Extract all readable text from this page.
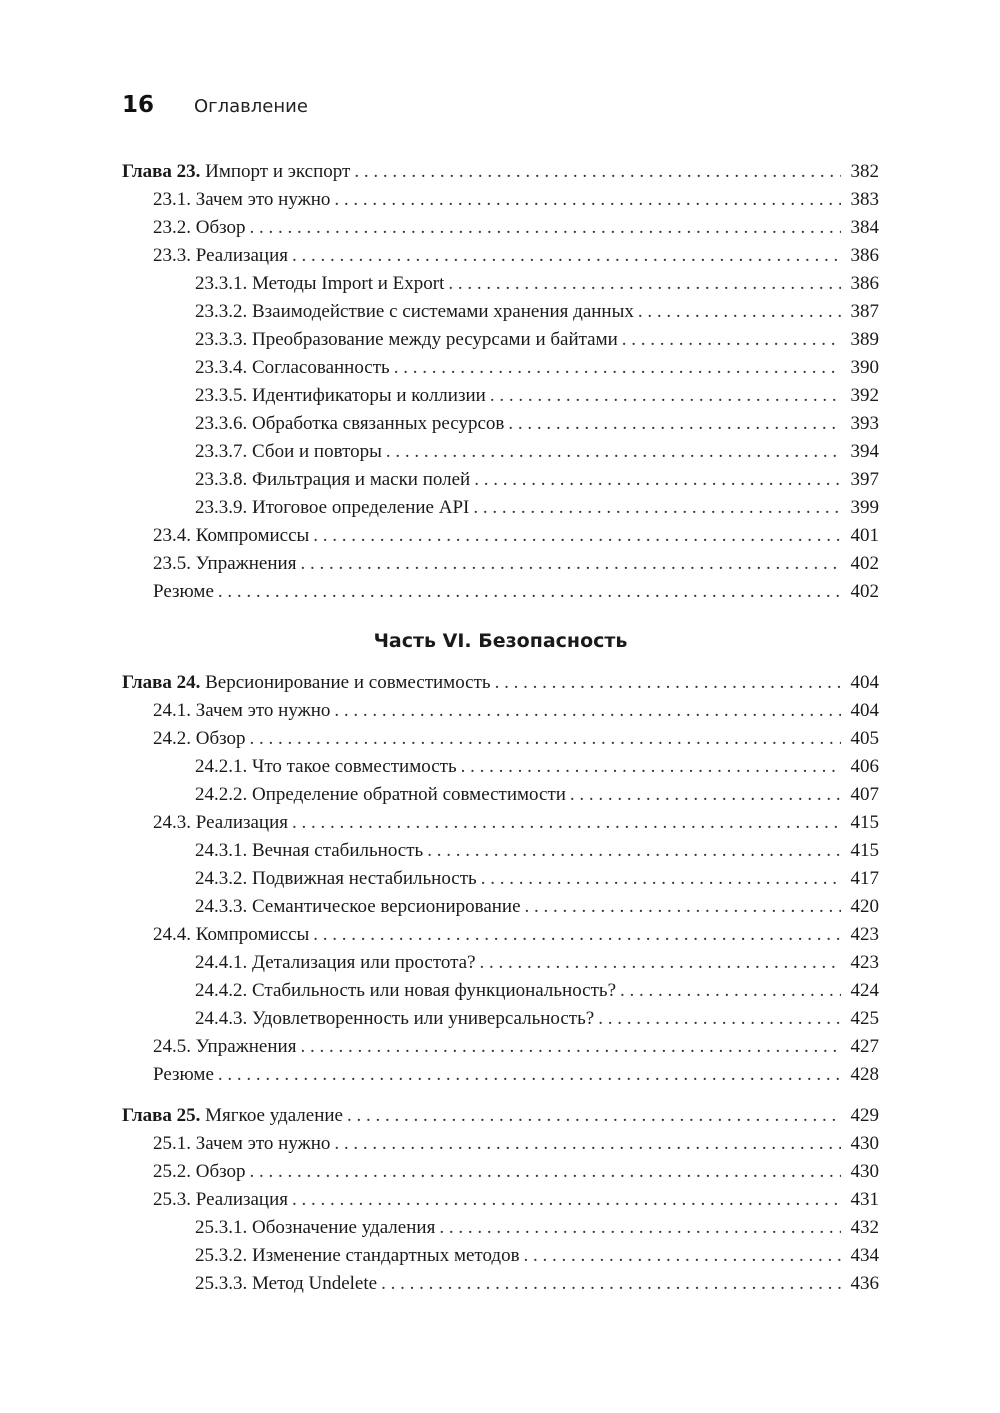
16 Оглавление
Глава 23. Импорт и экспорт . . .	382
23.1. Зачем это нужно . . .	383
23.2. Обзор . . .	384
23.3. Реализация . . .	386
23.3.1. Методы Import и Export . . .	386
23.3.2. Взаимодействие с системами хранения данных . . .	387
23.3.3. Преобразование между ресурсами и байтами . . .	389
23.3.4. Согласованность . . .	390
23.3.5. Идентификаторы и коллизии . . .	392
23.3.6. Обработка связанных ресурсов . . .	393
23.3.7. Сбои и повторы . . .	394
23.3.8. Фильтрация и маски полей . . .	397
23.3.9. Итоговое определение API . . .	399
23.4. Компромиссы . . .	401
23.5. Упражнения . . .	402
Резюме . . .	402
Часть VI. Безопасность
Глава 24. Версионирование и совместимость . . .	404
24.1. Зачем это нужно . . .	404
24.2. Обзор . . .	405
24.2.1. Что такое совместимость . . .	406
24.2.2. Определение обратной совместимости . . .	407
24.3. Реализация . . .	415
24.3.1. Вечная стабильность . . .	415
24.3.2. Подвижная нестабильность . . .	417
24.3.3. Семантическое версионирование . . .	420
24.4. Компромиссы . . .	423
24.4.1. Детализация или простота? . . .	423
24.4.2. Стабильность или новая функциональность? . . .	424
24.4.3. Удовлетворенность или универсальность? . . .	425
24.5. Упражнения . . .	427
Резюме . . .	428
Глава 25. Мягкое удаление . . .	429
25.1. Зачем это нужно . . .	430
25.2. Обзор . . .	430
25.3. Реализация . . .	431
25.3.1. Обозначение удаления . . .	432
25.3.2. Изменение стандартных методов . . .	434
25.3.3. Метод Undelete . . .	436
